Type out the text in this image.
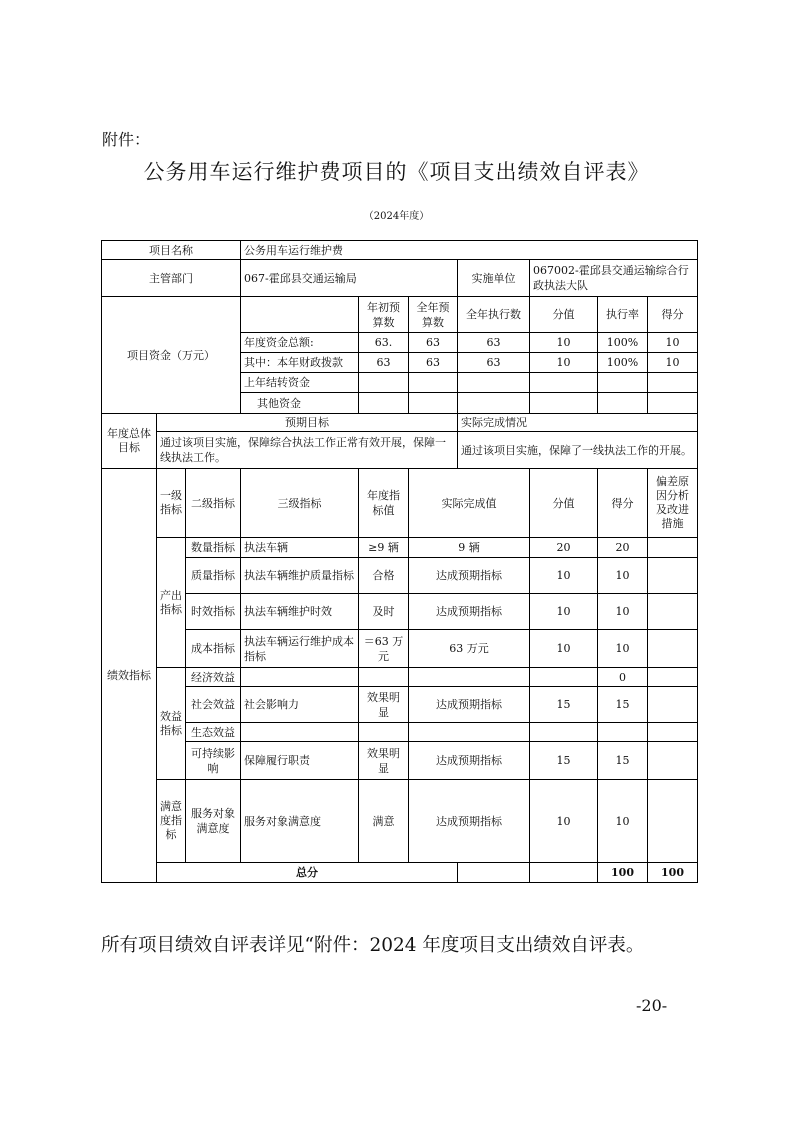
附件：
公务用车运行维护费项目的《项目支出绩效自评表》
（2024年度）
项目名称			公务用车运行维护费							
主管部门			067-霍邱县交通运输局			实施单位	067002-霍邱县交通运输综合行政执法大队			
项目资金（万元）				年初预算数	全年预算数	全年执行数	分值	执行率	得分	
			年度资金总额:	63.	63	63	10	100%	10	
			其中：本年财政拨款	63	63	63	10	100%	10	
			上年结转资金							
			其他资金							
年度总体目标	预期目标					实际完成情况				
	通过该项目实施，保障综合执法工作正常有效开展，保障一线执法工作。					通过该项目实施，保障了一线执法工作的开展。				
绩效指标	一级指标	二级指标	三级指标	年度指标值	实际完成值		分值	得分	偏差原因分析及改进措施	
	产出指标	数量指标	执法车辆	≥9 辆	9 辆		20	20		
		质量指标	执法车辆维护质量指标	合格	达成预期指标		10	10		
		时效指标	执法车辆维护时效	及时	达成预期指标		10	10		
		成本指标	执法车辆运行维护成本指标	＝63 万元	63 万元		10	10		
	效益指标	经济效益						0		
		社会效益	社会影响力	效果明显	达成预期指标		15	15		
		生态效益								
		可持续影响	保障履行职责	效果明显	达成预期指标		15	15		
	满意度指标	服务对象满意度	服务对象满意度	满意	达成预期指标		10	10		
	总分							100	100	
所有项目绩效自评表详见“附件：2024 年度项目支出绩效自评表。
-20-
